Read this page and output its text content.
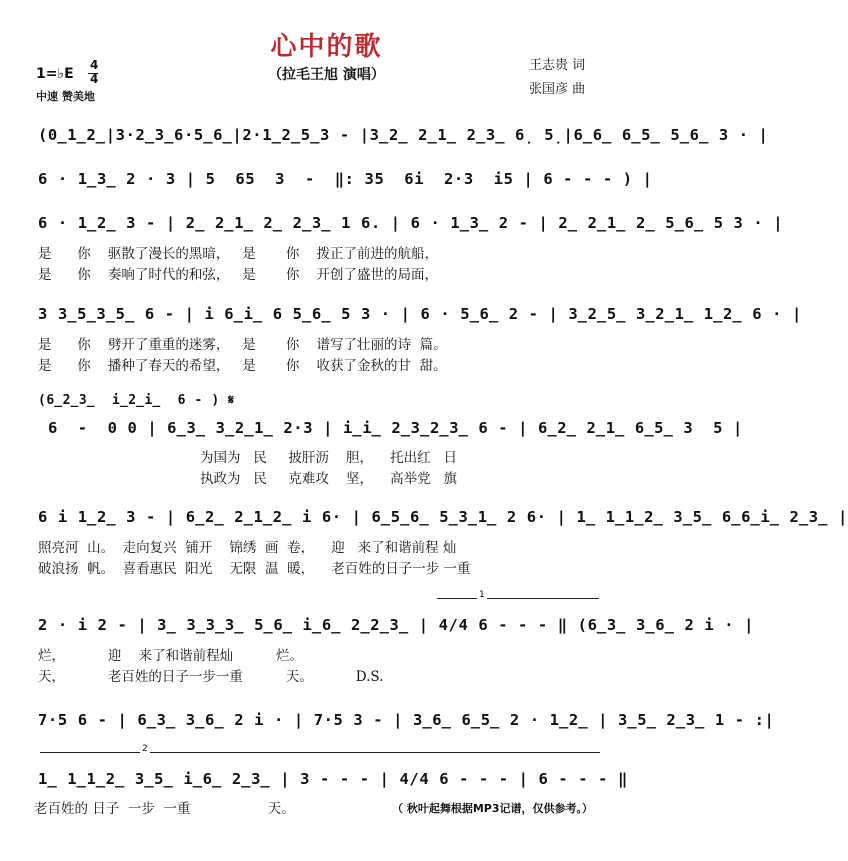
心中的歌
（拉毛王旭 演唱）
1=♭E
4
4
中速 赞美地
王志贵 词
张国彦 曲
(0̲1̲2̲|3·2̲3̲6·5̲6̲|2·1̲2̲5̲3 - |3̲2̲ 2̲1̲ 2̲3̲ 6̣ 5̣|6̲6̲ 6̲5̲ 5̲6̲ 3 · |
6 · 1̲3̲ 2 · 3 | 5  65  3  -  ‖: 35  6i  2·3  i5 | 6 - - - ) |
6 · 1̲2̲ 3 - | 2̲ 2̲1̲ 2̲ 2̲3̲ 1 6. | 6 · 1̲3̲ 2 - | 2̲ 2̲1̲ 2̲ 5̲6̲ 5 3 · |
是      你    驱散了漫长的黑暗，   是       你    拨正了前进的航船，
是      你    奏响了时代的和弦，   是       你    开创了盛世的局面，
3 3̲5̲3̲5̲ 6 - | i 6̲i̲ 6 5̲6̲ 5 3 · | 6 · 5̲6̲ 2 - | 3̲2̲5̲ 3̲2̲1̲ 1̲2̲ 6 · |
是      你    劈开了重重的迷雾，   是       你    谱写了壮丽的诗  篇。
是      你    播种了春天的希望，   是       你    收获了金秋的甘  甜。
(6̲2̲3̲  i̲2̲i̲  6 - ) 𝄋
6  -  0 0 | 6̲3̲ 3̲2̲1̲ 2·3 | i̲i̲ 2̲3̲2̲3̲ 6 - | 6̲2̲ 2̲1̲ 6̲5̲ 3  5 |
为国为   民     披肝沥    胆，    托出红   日
执政为   民     克难攻    坚，    高举党   旗
6 i 1̲2̲ 3 - | 6̲2̲ 2̲1̲2̲ i 6· | 6̲5̲6̲ 5̲3̲1̲ 2 6· | 1̲ 1̲1̲2̲ 3̲5̲ 6̲6̲i̲ 2̲3̲ |
照亮河  山。  走向复兴  铺开    锦绣  画  卷，    迎   来了和谐前程 灿
破浪扬  帆。  喜看惠民  阳光    无限  温  暖，    老百姓的日子一步 一重
1
2 · i 2 - | 3̲ 3̲3̲3̲ 5̲6̲ i̲6̲ 2̲2̲3̲ | 4/4 6 - - - ‖ (6̲3̲ 3̲6̲ 2 i · |
烂，          迎    来了和谐前程灿          烂。
天，          老百姓的日子一步一重          天。          D.S.
7·5 6 - | 6̲3̲ 3̲6̲ 2 i · | 7·5 3 - | 3̲6̲ 6̲5̲ 2 · 1̲2̲ | 3̲5̲ 2̲3̲ 1 - :|
2
1̲ 1̲1̲2̲ 3̲5̲ i̲6̲ 2̲3̲ | 3 - - - | 4/4 6 - - - | 6 - - - ‖
老百姓的 日子  一步  一重                  天。	（ 秋叶起舞根据MP3记谱，仅供参考。）
